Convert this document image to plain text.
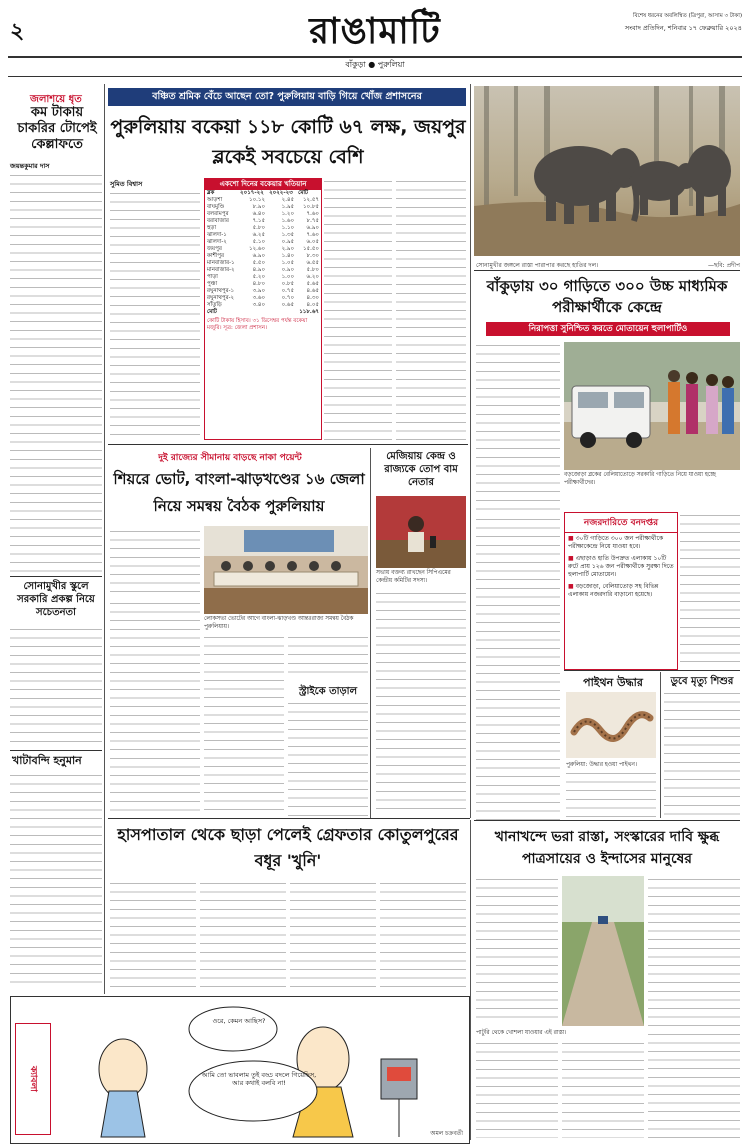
২
বিশেষ ধরনের অবলিম্বিত (ত্রিপুরা, আসাম ৩ টাকা)
সংবাদ প্রতিদিন, শনিবার ১৭ ফেব্রুয়ারি ২০২৪
রাঙামাটি
বাঁকুড়া ● পুরুলিয়া
জলাশয়ে ধৃত
কম টাকায় চাকরির টোপেই কেল্লাফতে
জয়ন্তকুমার দাস
সোনামুখীর স্কুলে সরকারি প্রকল্প নিয়ে সচেতনতা
খাটাবন্দি হনুমান
বঞ্চিত শ্রমিক বেঁচে আছেন তো? পুরুলিয়ায় বাড়ি গিয়ে খোঁজ প্রশাসনের
পুরুলিয়ায় বকেয়া ১১৮ কোটি ৬৭ লক্ষ, জয়পুর ব্লকেই সবচেয়ে বেশি
সুমিত বিশ্বাস	একশো দিনের বকেয়ার খতিয়ান
ব্লক	২০১৭-২২	২০২২-২৩	মোট
আড়শা	১০.১২	২.৪৫	১২.৫৭
বাঘমুণ্ডি	৮.৯০	১.৯৫	১০.৮৫
বলরামপুর	৬.৪০	১.২০	৭.৬০
বরাবাজার	৭.১৫	১.৬০	৮.৭৫
হুড়া	৫.৮০	১.১০	৬.৯০
ঝালদা-১	৬.২৫	১.৩৫	৭.৬০
ঝালদা-২	৫.১০	০.৯৫	৬.০৫
জয়পুর	১২.৬০	২.৯০	১৫.৫০
কাশীপুর	৬.৯০	১.৪০	৮.৩০
মানবাজার-১	৫.৫০	১.০৫	৬.৫৫
মানবাজার-২	৪.৯০	০.৯০	৫.৮০
পাড়া	৫.২০	১.০০	৬.২০
পুঞ্চা	৪.৮০	০.৮৫	৫.৬৫
রঘুনাথপুর-১	৩.৯০	০.৭৫	৪.৬৫
রঘুনাথপুর-২	৩.৬০	০.৭০	৪.৩০
সাঁতুড়ি	৩.৪০	০.৬৫	৪.০৫
মোট			১১৮.৬৭
কোটি টাকায় হিসাব। ৩১ ডিসেম্বর পর্যন্ত বকেয়া মজুরি। সূত্র: জেলা প্রশাসন।
সোনামুখীর জঙ্গলে রাস্তা পারাপার করছে হাতির দল।	—ছবি: প্রদীপ
বাঁকুড়ায় ৩০ গাড়িতে ৩০০ উচ্চ মাধ্যমিক পরীক্ষার্থীকে কেন্দ্রে
নিরাপত্তা সুনিশ্চিত করতে মোতায়েন হুলাপার্টিও
বড়জোড়া ব্লকের বেলিয়াতোড়ে সরকারি গাড়িতে নিয়ে যাওয়া হচ্ছে পরীক্ষার্থীদের।
নজরদারিতে বনদপ্তর
■ ৩০টি গাড়িতে ৩০০ জন পরীক্ষার্থীকে পরীক্ষাকেন্দ্রে নিয়ে যাওয়া হবে।
■ এছাড়াও হাতি উপদ্রুত এলাকায় ১০টি রুটে প্রায় ১২৬ জন পরীক্ষার্থীকে সুরক্ষা দিতে হুলাপার্টি মোতায়েন।
■ বড়জোড়া, বেলিয়াতোড় সহ বিভিন্ন এলাকায় নজরদারি বাড়ানো হয়েছে।
দুই রাজ্যের সীমানায় বাড়ছে নাকা পয়েন্ট
শিয়রে ভোট, বাংলা-ঝাড়খণ্ডের ১৬ জেলা নিয়ে সমন্বয় বৈঠক পুরুলিয়ায়
লোকসভা ভোটের আগে বাংলা-ঝাড়খণ্ড আন্তঃরাজ্য সমন্বয় বৈঠক পুরুলিয়ায়।
স্ট্রাইকে তাড়াল
মেজিয়ায় কেন্দ্র ও রাজ্যকে তোপ বাম নেতার
সভায় বক্তব্য রাখছেন সিপিএমের কেন্দ্রীয় কমিটির সদস্য।
হাসপাতাল থেকে ছাড়া পেলেই গ্রেফতার কোতুলপুরের বধূর 'খুনি'
পাইথন উদ্ধার
পুরুলিয়া: উদ্ধার হওয়া পাইথন।
ডুবে মৃত্যু শিশুর
খানাখন্দে ভরা রাস্তা, সংস্কারের দাবি ক্ষুব্ধ পাত্রসায়ের ও ইন্দাসের মানুষের
পাটুরি থেকে খোশলা যাওয়ার এই রাস্তা।
ক্যাবলা
ওরে, কেমন আছিস?
আমি তো ভাবলাম তুই বড্ড বদলে গিয়েছিস, আর কথাই বলবি না!
অমল চক্রবর্তী
